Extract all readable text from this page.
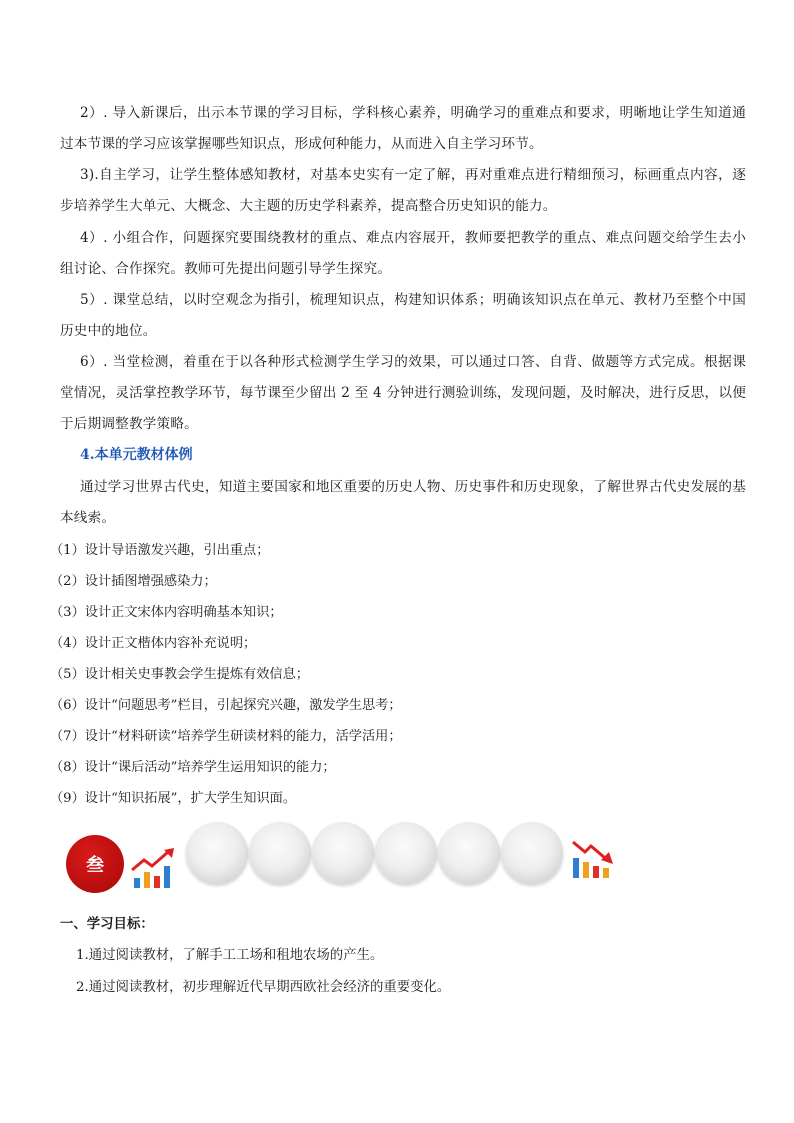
2）. 导入新课后，出示本节课的学习目标，学科核心素养，明确学习的重难点和要求，明晰地让学生知道通过本节课的学习应该掌握哪些知识点，形成何种能力，从而进入自主学习环节。
3).自主学习，让学生整体感知教材，对基本史实有一定了解，再对重难点进行精细预习，标画重点内容，逐步培养学生大单元、大概念、大主题的历史学科素养，提高整合历史知识的能力。
4）. 小组合作，问题探究要围绕教材的重点、难点内容展开，教师要把教学的重点、难点问题交给学生去小组讨论、合作探究。教师可先提出问题引导学生探究。
5）. 课堂总结，以时空观念为指引，梳理知识点，构建知识体系；明确该知识点在单元、教材乃至整个中国历史中的地位。
6）. 当堂检测，着重在于以各种形式检测学生学习的效果，可以通过口答、自背、做题等方式完成。根据课堂情况，灵活掌控教学环节，每节课至少留出 2 至 4 分钟进行测验训练，发现问题，及时解决，进行反思，以便于后期调整教学策略。
4.本单元教材体例
通过学习世界古代史，知道主要国家和地区重要的历史人物、历史事件和历史现象，了解世界古代史发展的基本线索。
（1）设计导语激发兴趣，引出重点；
（2）设计插图增强感染力；
（3）设计正文宋体内容明确基本知识；
（4）设计正文楷体内容补充说明；
（5）设计相关史事教会学生提炼有效信息；
（6）设计“问题思考”栏目，引起探究兴趣，激发学生思考；
（7）设计“材料研读”培养学生研读材料的能力，活学活用；
（8）设计“课后活动”培养学生运用知识的能力；
（9）设计“知识拓展”，扩大学生知识面。
叁
一、学习目标：
1.通过阅读教材，了解手工工场和租地农场的产生。
2.通过阅读教材，初步理解近代早期西欧社会经济的重要变化。
